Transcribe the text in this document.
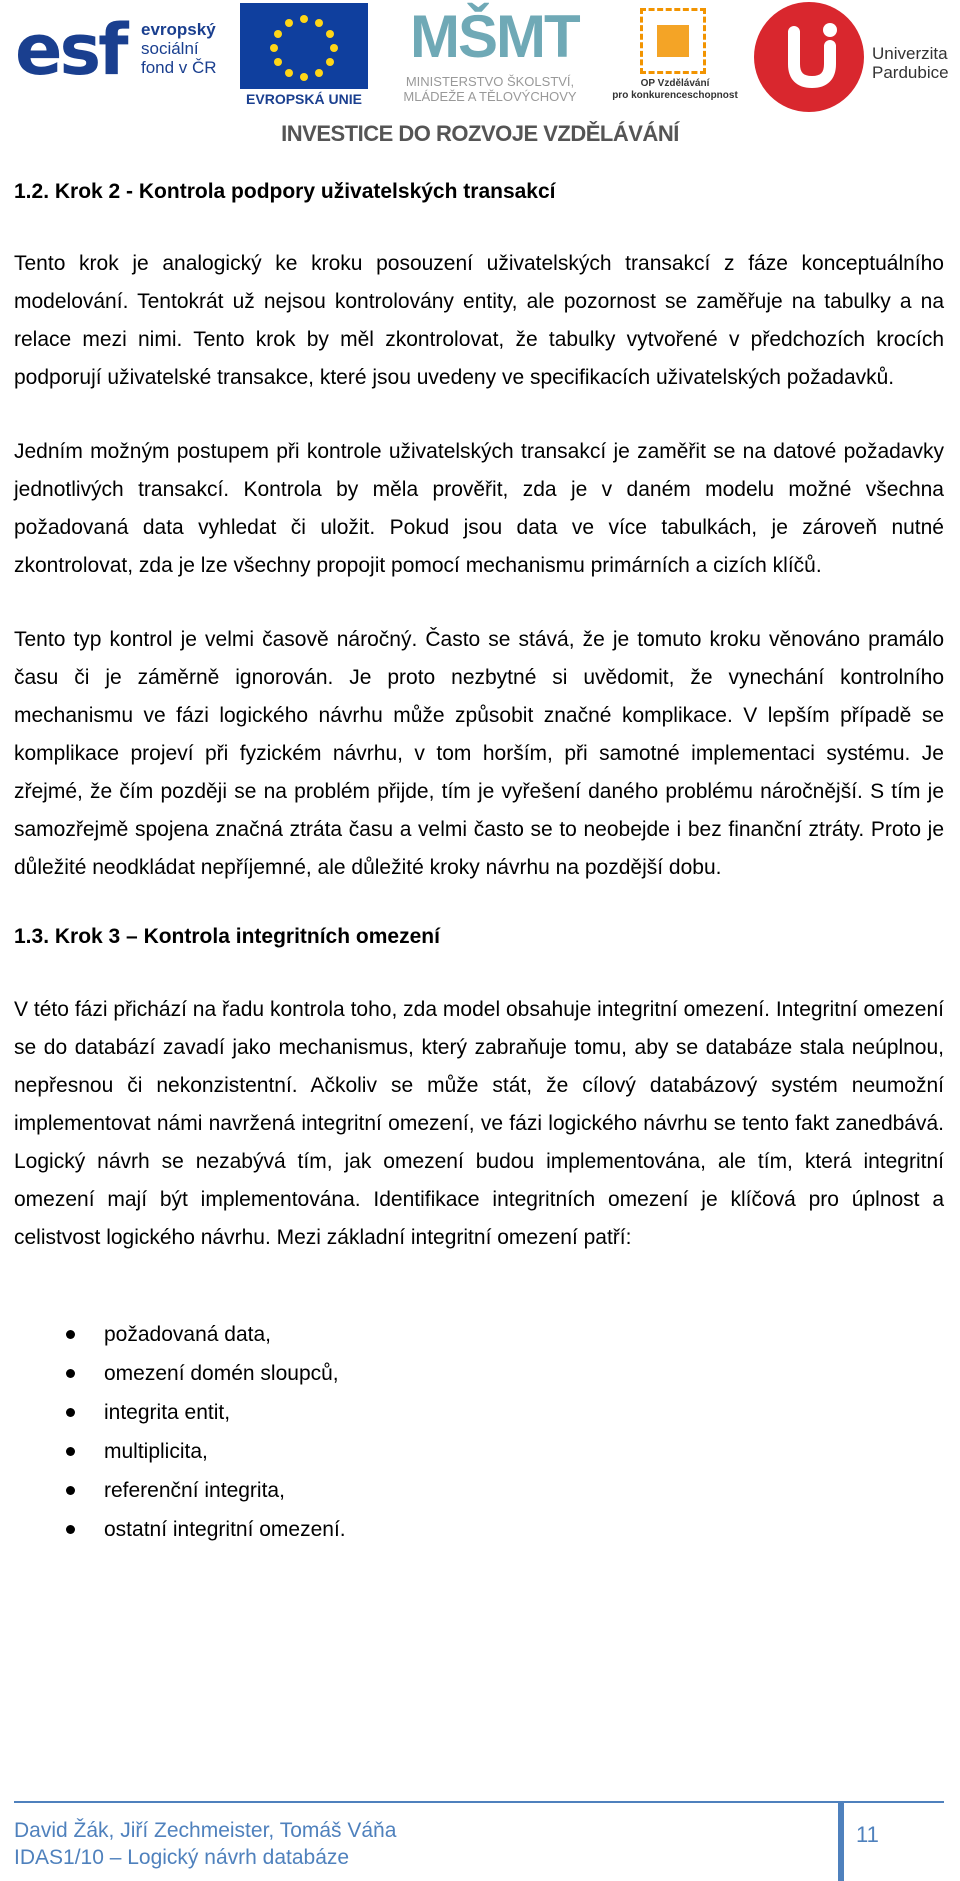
esf evropský
sociální
fond v ČR
EVROPSKÁ UNIE
MŠMT
MINISTERSTVO ŠKOLSTVÍ,
MLÁDEŽE A TĚLOVÝCHOVY
OP Vzdělávání
pro konkurenceschopnost
Univerzita
Pardubice
INVESTICE DO ROZVOJE VZDĚLÁVÁNÍ
1.2. Krok 2 - Kontrola podpory uživatelských transakcí

Tento krok je analogický ke kroku posouzení uživatelských transakcí z fáze konceptuálního modelování. Tentokrát už nejsou kontrolovány entity, ale pozornost se zaměřuje na tabulky a na relace mezi nimi. Tento krok by měl zkontrolovat, že tabulky vytvořené v předchozích krocích podporují uživatelské transakce, které jsou uvedeny ve specifikacích uživatelských požadavků.

Jedním možným postupem při kontrole uživatelských transakcí je zaměřit se na datové požadavky jednotlivých transakcí. Kontrola by měla prověřit, zda je v daném modelu možné všechna požadovaná data vyhledat či uložit. Pokud jsou data ve více tabulkách, je zároveň nutné zkontrolovat, zda je lze všechny propojit pomocí mechanismu primárních a cizích klíčů.

Tento typ kontrol je velmi časově náročný. Často se stává, že je tomuto kroku věnováno pramálo času či je záměrně ignorován. Je proto nezbytné si uvědomit, že vynechání kontrolního mechanismu ve fázi logického návrhu může způsobit značné komplikace. V lepším případě se komplikace projeví při fyzickém návrhu, v tom horším, při samotné implementaci systému. Je zřejmé, že čím později se na problém přijde, tím je vyřešení daného problému náročnější. S tím je samozřejmě spojena značná ztráta času a velmi často se to neobejde i bez finanční ztráty. Proto je důležité neodkládat nepříjemné, ale důležité kroky návrhu na pozdější dobu.

1.3. Krok 3 – Kontrola integritních omezení

V této fázi přichází na řadu kontrola toho, zda model obsahuje integritní omezení. Integritní omezení se do databází zavadí jako mechanismus, který zabraňuje tomu, aby se databáze stala neúplnou, nepřesnou či nekonzistentní. Ačkoliv se může stát, že cílový databázový systém neumožní implementovat námi navržená integritní omezení, ve fázi logického návrhu se tento fakt zanedbává. Logický návrh se nezabývá tím, jak omezení budou implementována, ale tím, která integritní omezení mají být implementována. Identifikace integritních omezení je klíčová pro úplnost a celistvost logického návrhu. Mezi základní integritní omezení patří:

požadovaná data,
omezení domén sloupců,
integrita entit,
multiplicita,
referenční integrita,
ostatní integritní omezení.
David Žák, Jiří Zechmeister, Tomáš Váňa
IDAS1/10 – Logický návrh databáze
11
